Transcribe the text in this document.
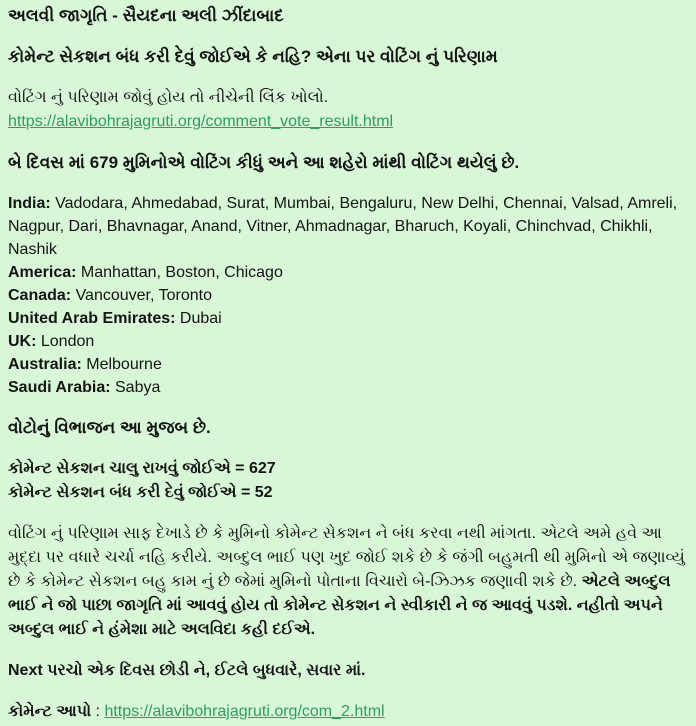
અલવી જાગૃતિ - સૈયદના અલી ઝીંદાબાદ

કોમેન્ટ સેકશન બંધ કરી દેવું જોઈએ કે નહિ? એના પર વોટિંગ નું પરિણામ

વોટિંગ નું પરિણામ જોવું હોય તો નીચેની લિંક ખોલો.
https://alavibohrajagruti.org/comment_vote_result.html

બે દિવસ માં 679 મુમિનોએ વોટિંગ કીધું અને આ શહેરો માંથી વોટિંગ થયેલું છે.

India: Vadodara, Ahmedabad, Surat, Mumbai, Bengaluru, New Delhi, Chennai, Valsad, Amreli, Nagpur, Dari, Bhavnagar, Anand, Vitner, Ahmadnagar, Bharuch, Koyali, Chinchvad, Chikhli, Nashik
America: Manhattan, Boston, Chicago
Canada: Vancouver, Toronto
United Arab Emirates: Dubai
UK: London
Australia: Melbourne
Saudi Arabia: Sabya

વોટોનું વિભાજન આ મુજબ છે.

કોમેન્ટ સેકશન ચાલુ રાખવું જોઈએ = 627

કોમેન્ટ સેકશન બંધ કરી દેવું જોઈએ = 52

વોટિંગ નું પરિણામ સાફ દેખાડે છે કે મુમિનો કોમેન્ટ સેકશન ને બંધ કરવા નથી માંગતા. એટલે અમે હવે આ મુદ્દા પર વધારે ચર્ચા નહિ કરીયે. અબ્દુલ ભાઈ પણ ખુદ જોઈ શકે છે કે જંગી બહુમતી થી મુમિનો એ જણાવ્યું છે કે કોમેન્ટ સેકશન બહુ કામ નું છે જેમાં મુમિનો પોતાના વિચારો બે-ઝિઝક જણાવી શકે છે. એટલે અબ્દુલ ભાઈ ને જો પાછા જાગૃતિ માં આવવું હોય તો કોમેન્ટ સેકશન ને સ્વીકારી ને જ આવવું પડશે. નહીતો અપને અબ્દુલ ભાઈ ને હંમેશા માટે અલવિદા કહી દઈએ.

Next પરચો એક દિવસ છોડી ને, ઈટલે બુધવારે, સવાર માં.

કોમેન્ટ આપો : https://alavibohrajagruti.org/com_2.html
